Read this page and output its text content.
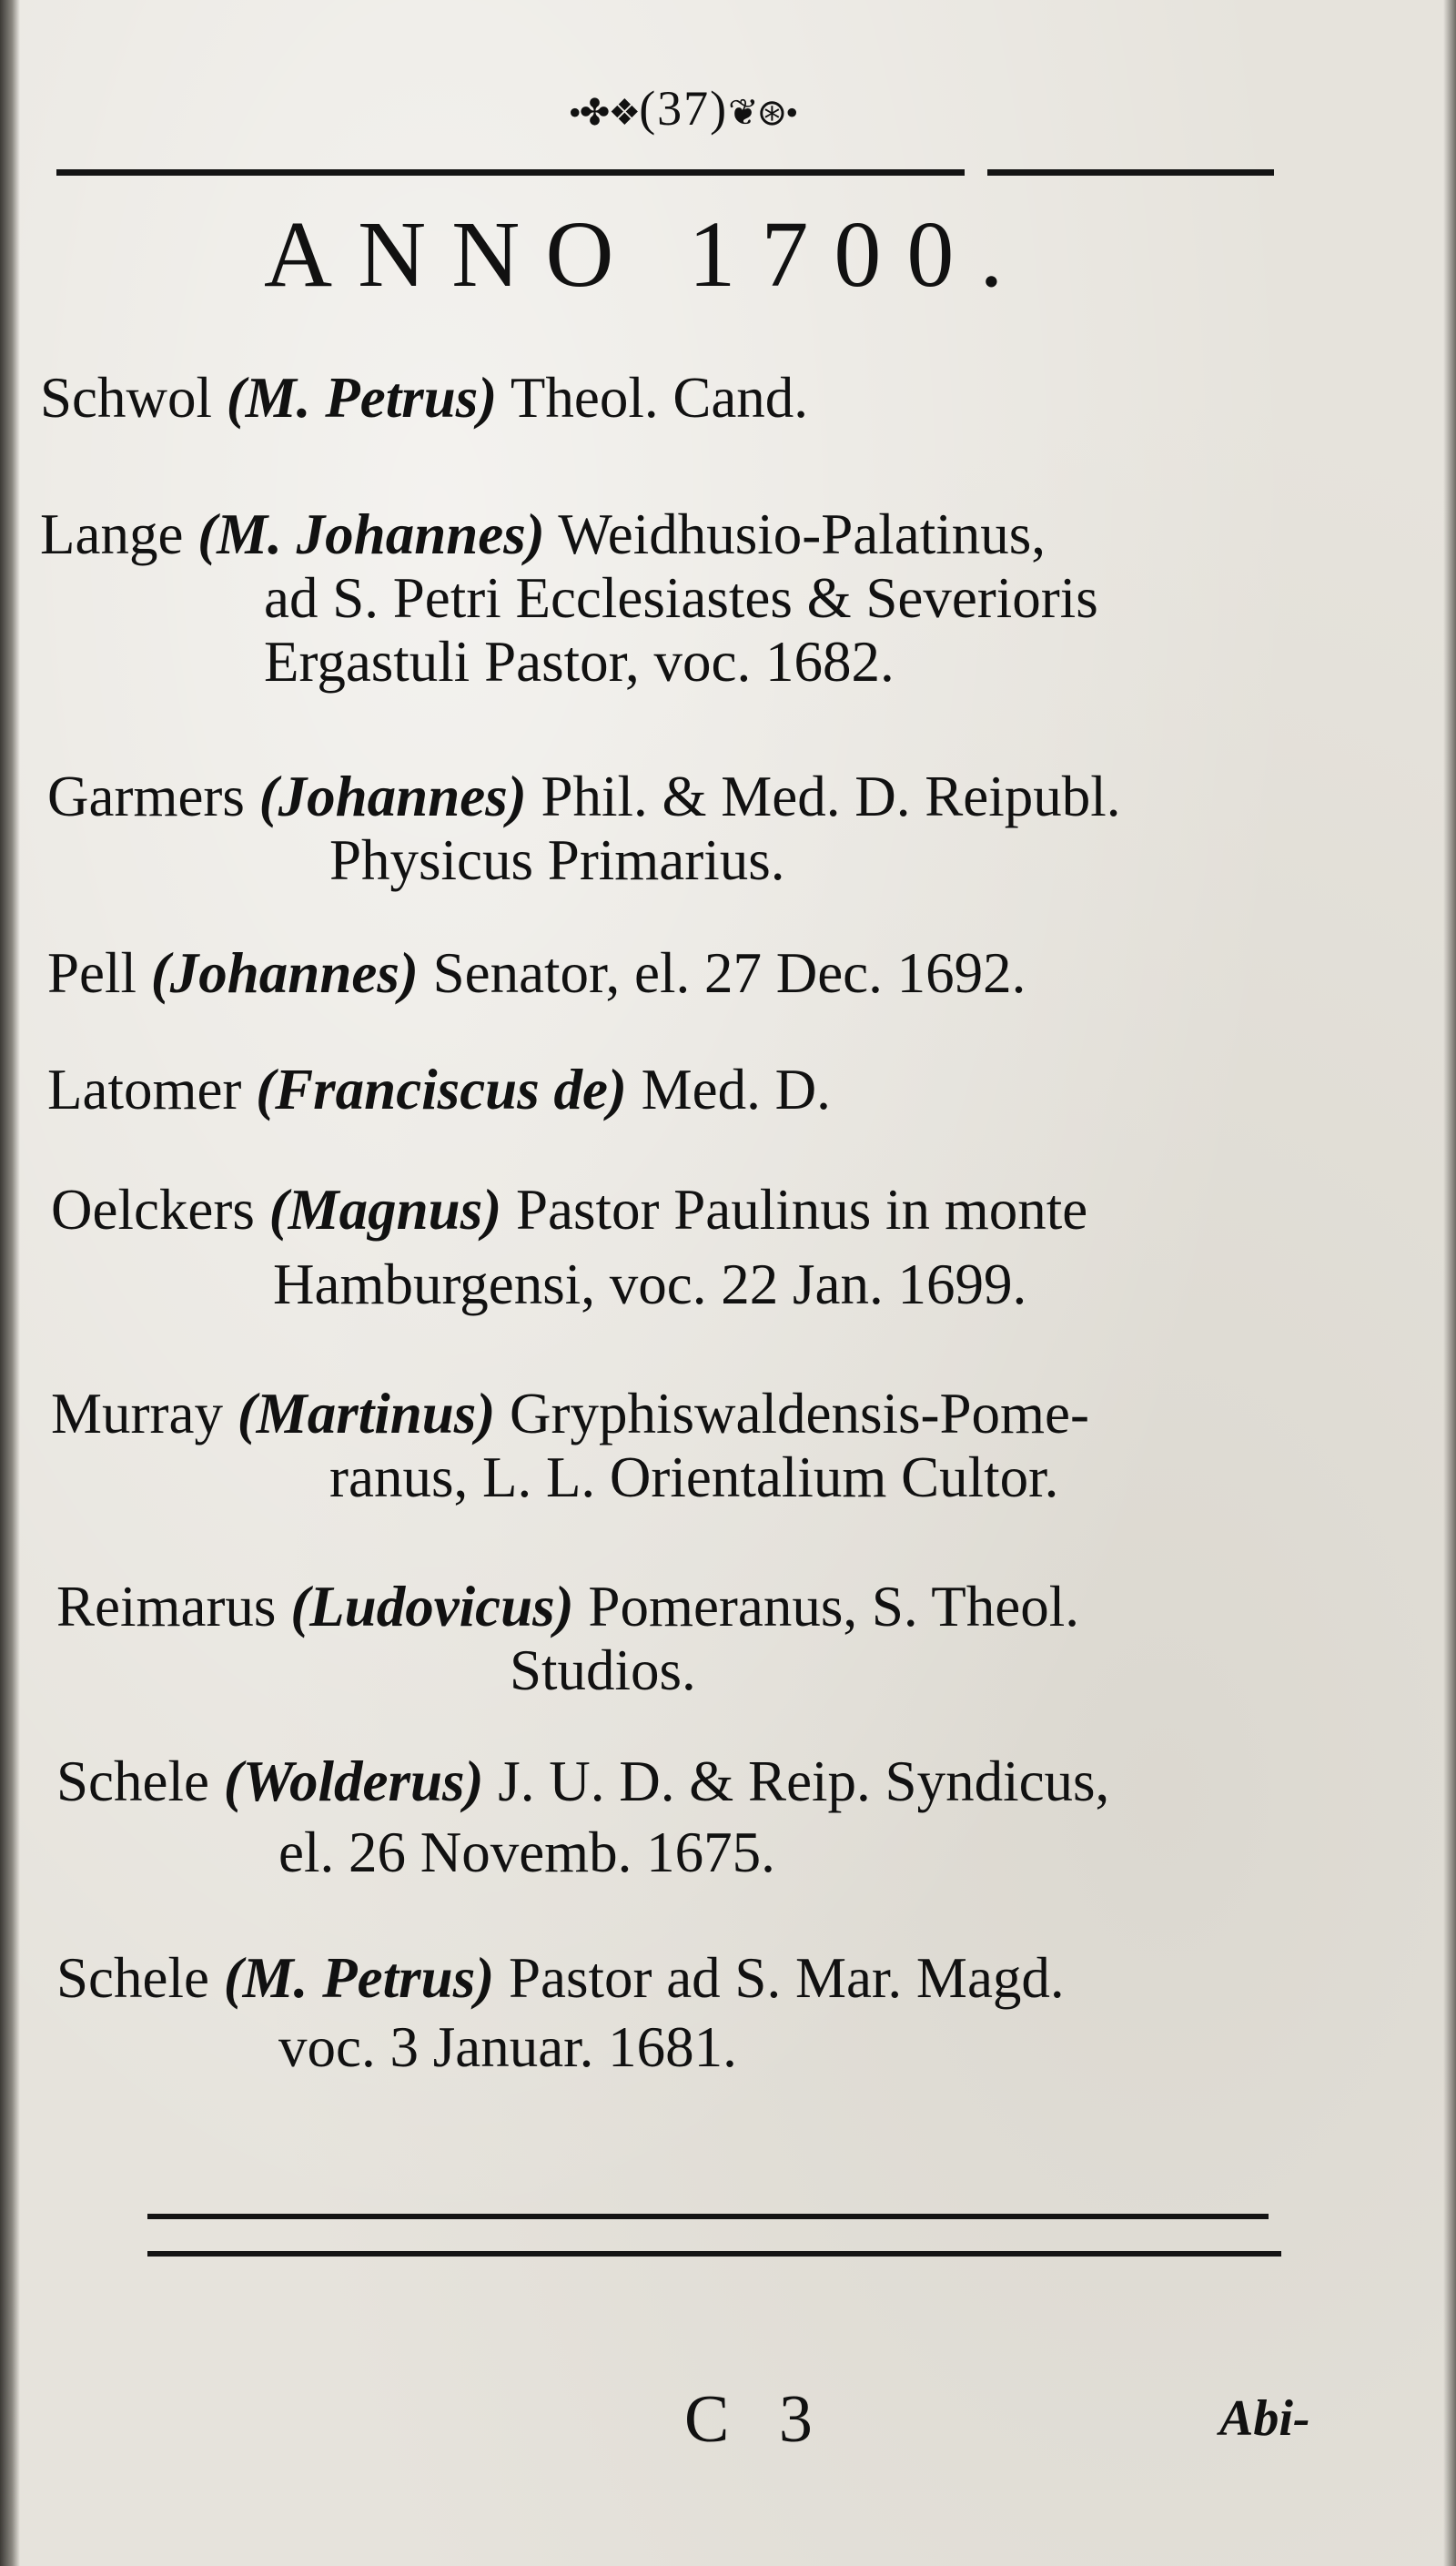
•✤❖(37)❦⊛•
ANNO 1700.
Schwol (M. Petrus) Theol. Cand.
Lange (M. Johannes) Weidhusio-Palatinus,
ad S. Petri Ecclesiastes & Severioris
Ergastuli Pastor, voc. 1682.
Garmers (Johannes) Phil. & Med. D. Reipubl.
Physicus Primarius.
Pell (Johannes) Senator, el. 27 Dec. 1692.
Latomer (Franciscus de) Med. D.
Oelckers (Magnus) Pastor Paulinus in monte
Hamburgensi, voc. 22 Jan. 1699.
Murray (Martinus) Gryphiswaldensis-Pome-
ranus, L. L. Orientalium Cultor.
Reimarus (Ludovicus) Pomeranus, S. Theol.
Studios.
Schele (Wolderus) J. U. D. & Reip. Syndicus,
el. 26 Novemb. 1675.
Schele (M. Petrus) Pastor ad S. Mar. Magd.
voc. 3 Januar. 1681.
C 3	Abi-
